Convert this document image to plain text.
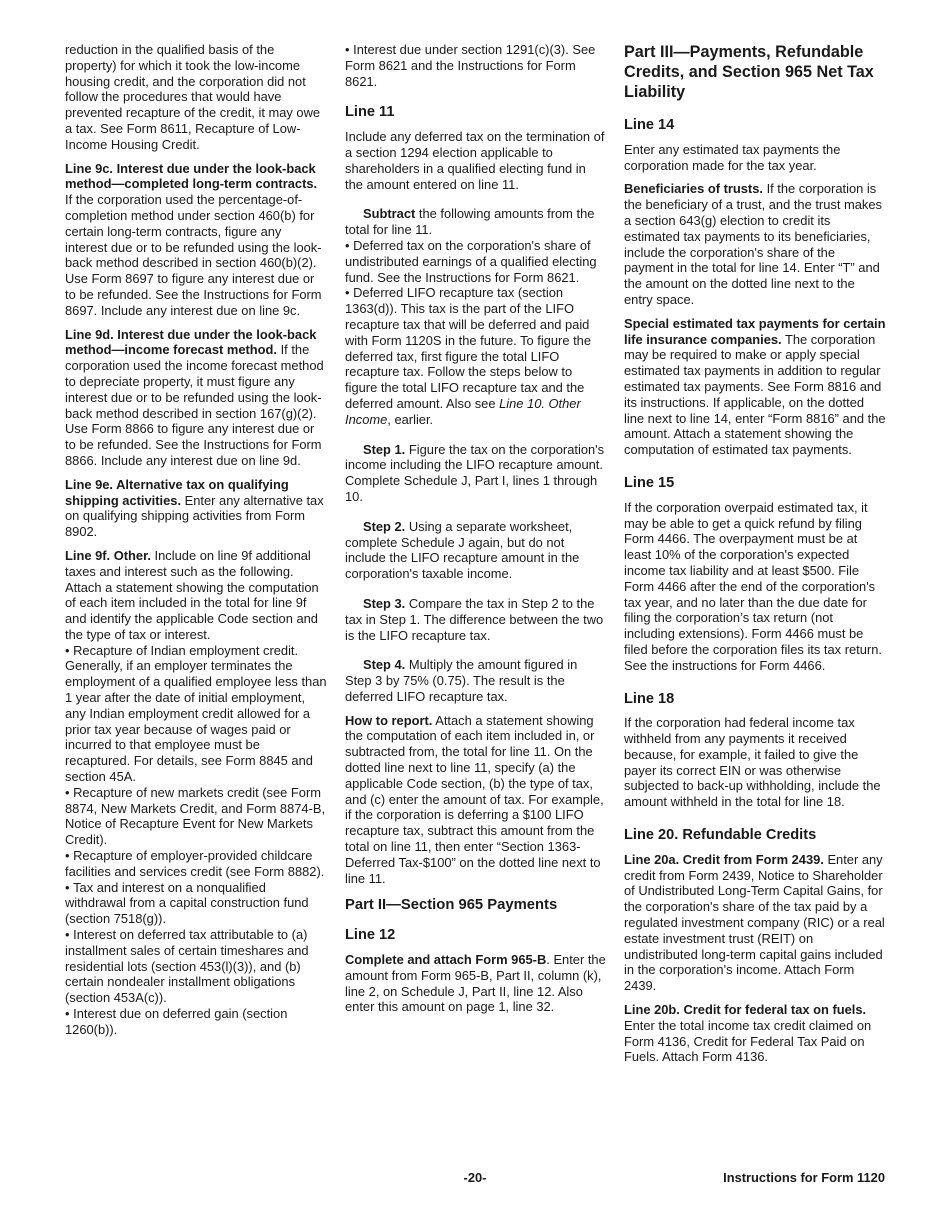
reduction in the qualified basis of the property) for which it took the low-income housing credit, and the corporation did not follow the procedures that would have prevented recapture of the credit, it may owe a tax. See Form 8611, Recapture of Low-Income Housing Credit.

Line 9c. Interest due under the look-back method—completed long-term contracts. If the corporation used the percentage-of-completion method under section 460(b) for certain long-term contracts, figure any interest due or to be refunded using the look-back method described in section 460(b)(2). Use Form 8697 to figure any interest due or to be refunded. See the Instructions for Form 8697. Include any interest due on line 9c.

Line 9d. Interest due under the look-back method—income forecast method. If the corporation used the income forecast method to depreciate property, it must figure any interest due or to be refunded using the look-back method described in section 167(g)(2). Use Form 8866 to figure any interest due or to be refunded. See the Instructions for Form 8866. Include any interest due on line 9d.

Line 9e. Alternative tax on qualifying shipping activities. Enter any alternative tax on qualifying shipping activities from Form 8902.

Line 9f. Other. Include on line 9f additional taxes and interest such as the following. Attach a statement showing the computation of each item included in the total for line 9f and identify the applicable Code section and the type of tax or interest.

• Recapture of Indian employment credit. Generally, if an employer terminates the employment of a qualified employee less than 1 year after the date of initial employment, any Indian employment credit allowed for a prior tax year because of wages paid or incurred to that employee must be recaptured. For details, see Form 8845 and section 45A.
• Recapture of new markets credit (see Form 8874, New Markets Credit, and Form 8874-B, Notice of Recapture Event for New Markets Credit).
• Recapture of employer-provided childcare facilities and services credit (see Form 8882).
• Tax and interest on a nonqualified withdrawal from a capital construction fund (section 7518(g)).
• Interest on deferred tax attributable to (a) installment sales of certain timeshares and residential lots (section 453(l)(3)), and (b) certain nondealer installment obligations (section 453A(c)).
• Interest due on deferred gain (section 1260(b)).
• Interest due under section 1291(c)(3). See Form 8621 and the Instructions for Form 8621.
Line 11

Include any deferred tax on the termination of a section 1294 election applicable to shareholders in a qualified electing fund in the amount entered on line 11.

Subtract the following amounts from the total for line 11.

• Deferred tax on the corporation's share of undistributed earnings of a qualified electing fund. See the Instructions for Form 8621.
• Deferred LIFO recapture tax (section 1363(d)). This tax is the part of the LIFO recapture tax that will be deferred and paid with Form 1120S in the future. To figure the deferred tax, first figure the total LIFO recapture tax. Follow the steps below to figure the total LIFO recapture tax and the deferred amount. Also see Line 10. Other Income, earlier.

Step 1. Figure the tax on the corporation's income including the LIFO recapture amount. Complete Schedule J, Part I, lines 1 through 10.

Step 2. Using a separate worksheet, complete Schedule J again, but do not include the LIFO recapture amount in the corporation's taxable income.

Step 3. Compare the tax in Step 2 to the tax in Step 1. The difference between the two is the LIFO recapture tax.

Step 4. Multiply the amount figured in Step 3 by 75% (0.75). The result is the deferred LIFO recapture tax.

How to report. Attach a statement showing the computation of each item included in, or subtracted from, the total for line 11. On the dotted line next to line 11, specify (a) the applicable Code section, (b) the type of tax, and (c) enter the amount of tax. For example, if the corporation is deferring a $100 LIFO recapture tax, subtract this amount from the total on line 11, then enter “Section 1363-Deferred Tax-$100” on the dotted line next to line 11.

Part II—Section 965 Payments
Line 12

Complete and attach Form 965-B. Enter the amount from Form 965-B, Part II, column (k), line 2, on Schedule J, Part II, line 12. Also enter this amount on page 1, line 32.

Part III—Payments, Refundable Credits, and Section 965 Net Tax Liability
Line 14

Enter any estimated tax payments the corporation made for the tax year.

Beneficiaries of trusts. If the corporation is the beneficiary of a trust, and the trust makes a section 643(g) election to credit its estimated tax payments to its beneficiaries, include the corporation's share of the payment in the total for line 14. Enter “T” and the amount on the dotted line next to the entry space.

Special estimated tax payments for certain life insurance companies. The corporation may be required to make or apply special estimated tax payments in addition to regular estimated tax payments. See Form 8816 and its instructions. If applicable, on the dotted line next to line 14, enter “Form 8816” and the amount. Attach a statement showing the computation of estimated tax payments.

Line 15

If the corporation overpaid estimated tax, it may be able to get a quick refund by filing Form 4466. The overpayment must be at least 10% of the corporation's expected income tax liability and at least $500. File Form 4466 after the end of the corporation's tax year, and no later than the due date for filing the corporation’s tax return (not including extensions). Form 4466 must be filed before the corporation files its tax return. See the instructions for Form 4466.

Line 18

If the corporation had federal income tax withheld from any payments it received because, for example, it failed to give the payer its correct EIN or was otherwise subjected to back-up withholding, include the amount withheld in the total for line 18.

Line 20. Refundable Credits

Line 20a. Credit from Form 2439. Enter any credit from Form 2439, Notice to Shareholder of Undistributed Long-Term Capital Gains, for the corporation's share of the tax paid by a regulated investment company (RIC) or a real estate investment trust (REIT) on undistributed long-term capital gains included in the corporation's income. Attach Form 2439.

Line 20b. Credit for federal tax on fuels. Enter the total income tax credit claimed on Form 4136, Credit for Federal Tax Paid on Fuels. Attach Form 4136.

-20-	Instructions for Form 1120
